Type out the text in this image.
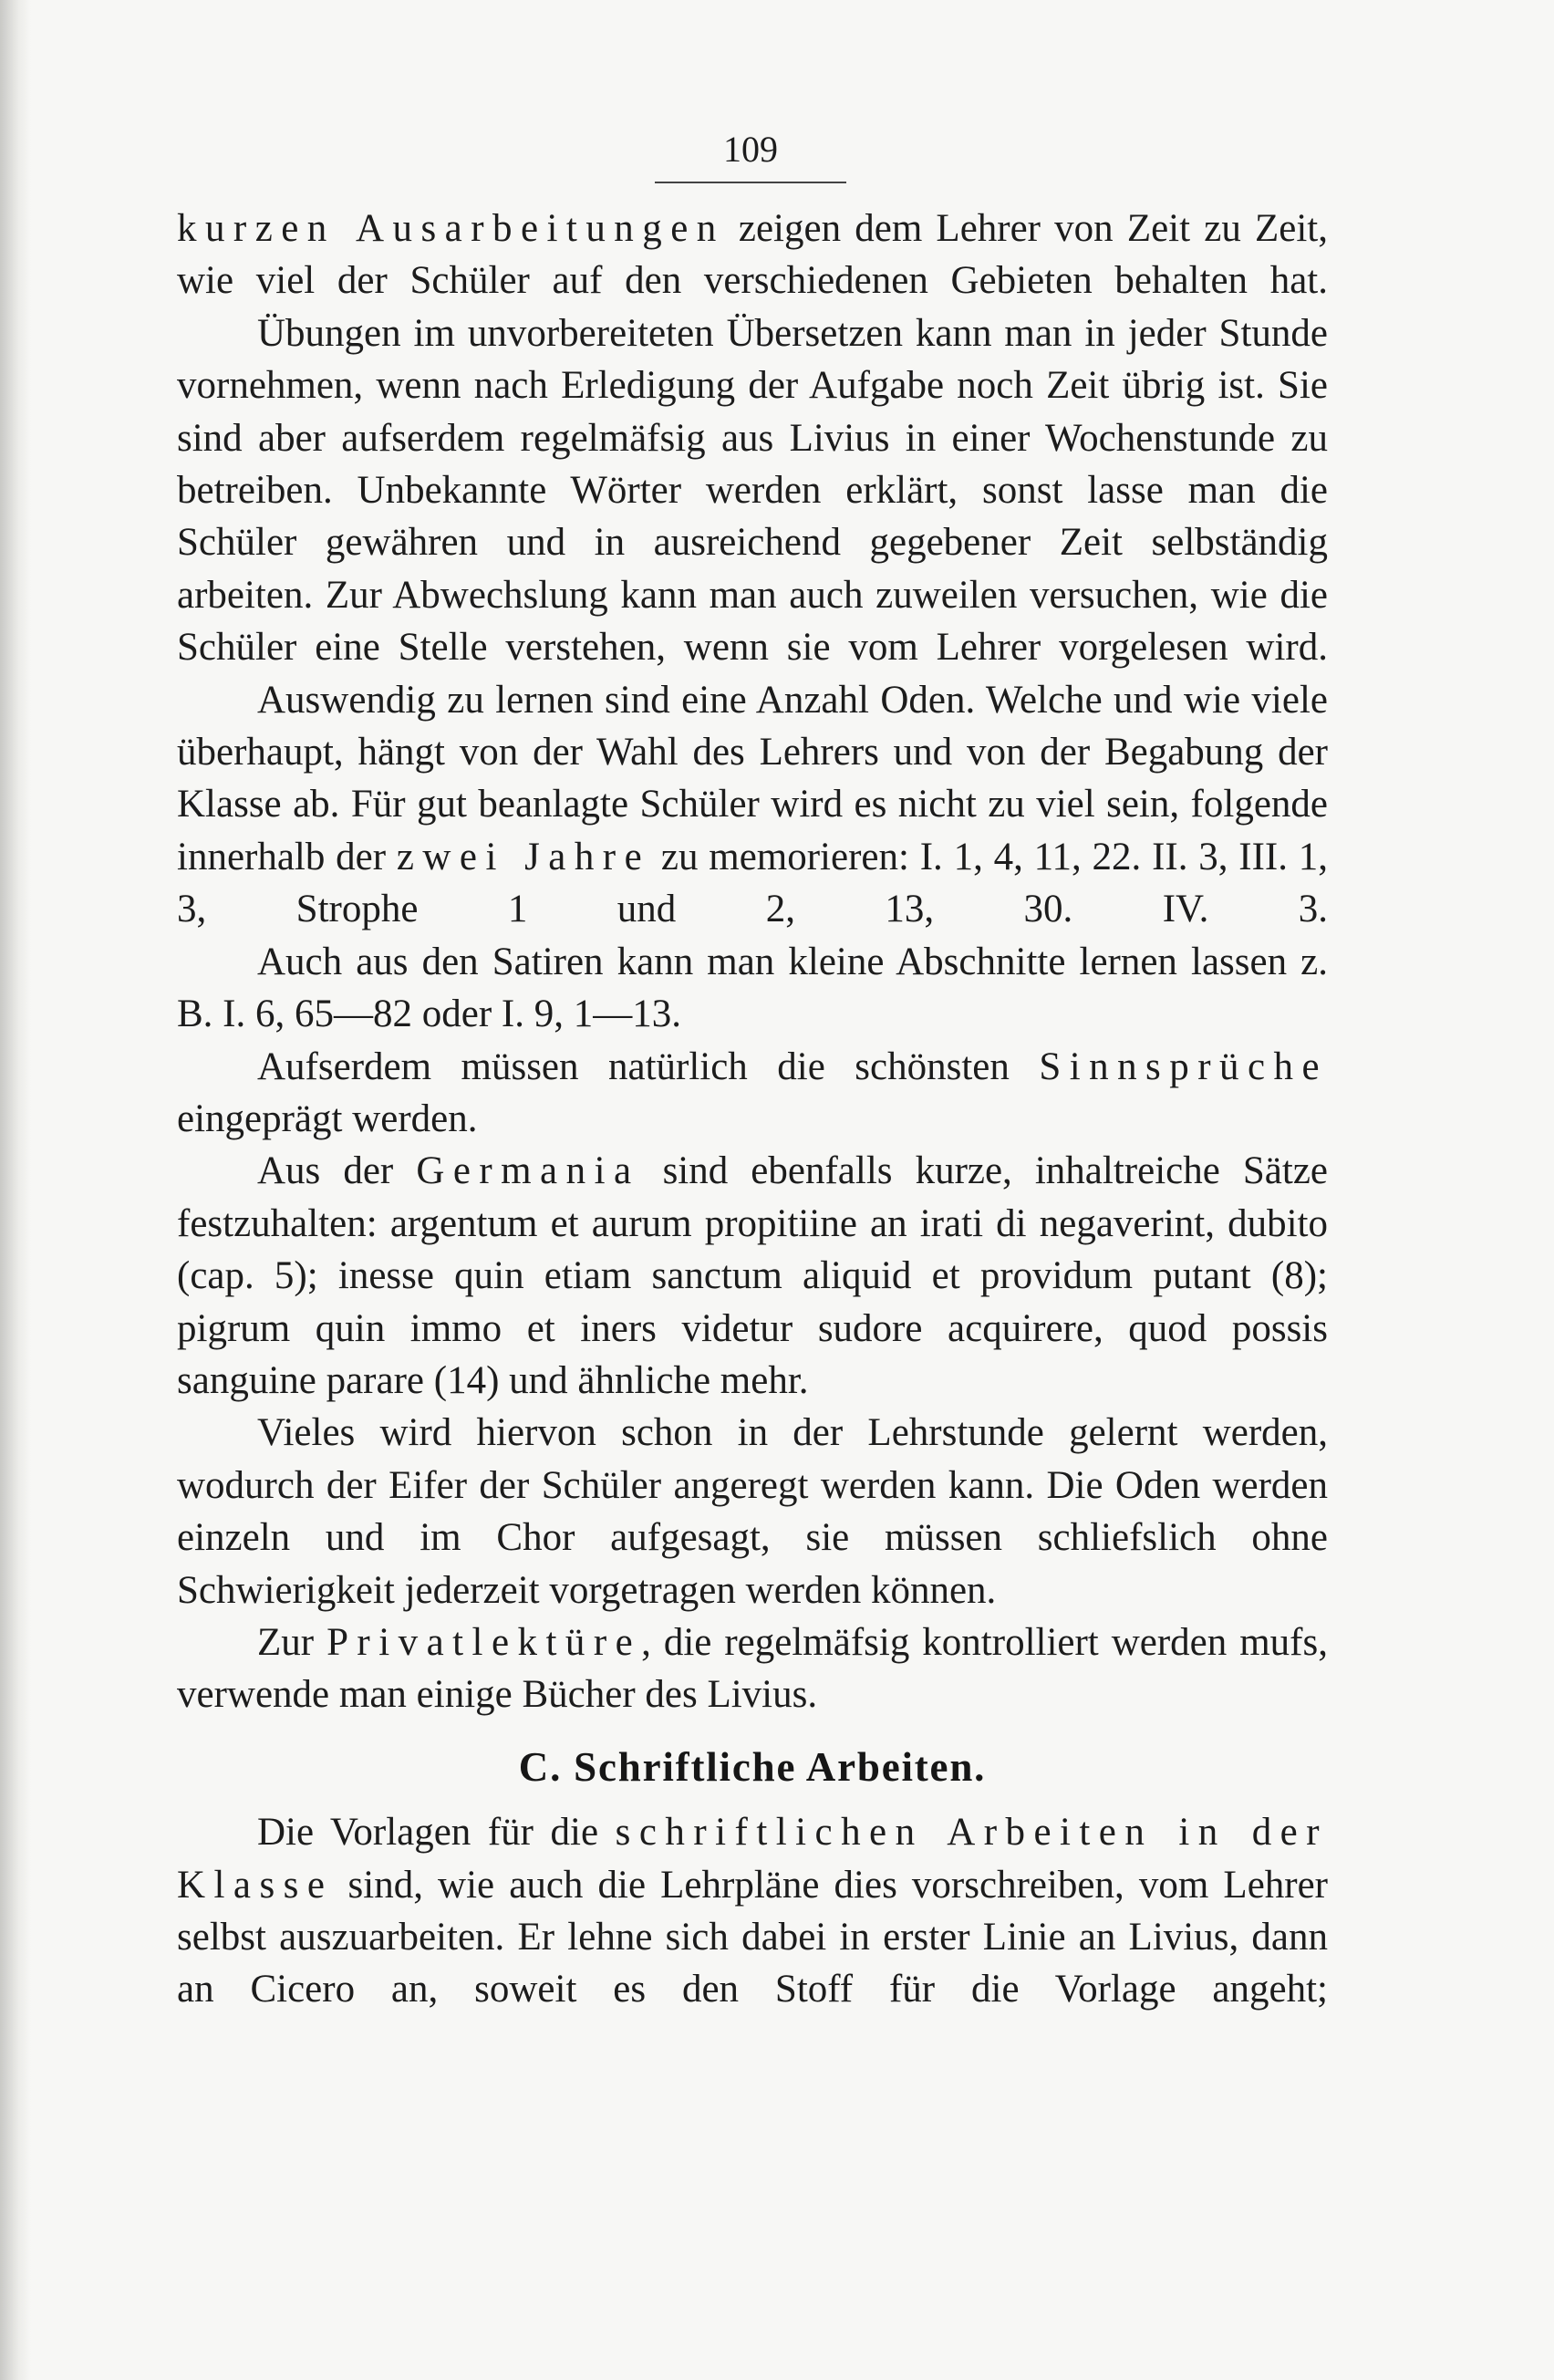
109

kurzen Ausarbeitungen zeigen dem Lehrer von Zeit zu Zeit, wie viel der Schüler auf den verschiedenen Gebieten behalten hat.

Übungen im unvorbereiteten Übersetzen kann man in jeder Stunde vornehmen, wenn nach Erledigung der Aufgabe noch Zeit übrig ist. Sie sind aber aufserdem regelmäfsig aus Livius in einer Wochenstunde zu betreiben. Unbekannte Wörter werden erklärt, sonst lasse man die Schüler gewähren und in ausreichend gegebener Zeit selbständig arbeiten. Zur Abwechslung kann man auch zuweilen versuchen, wie die Schüler eine Stelle verstehen, wenn sie vom Lehrer vorgelesen wird.

Auswendig zu lernen sind eine Anzahl Oden. Welche und wie viele überhaupt, hängt von der Wahl des Lehrers und von der Begabung der Klasse ab. Für gut beanlagte Schüler wird es nicht zu viel sein, folgende innerhalb der zwei Jahre zu memorieren: I. 1, 4, 11, 22. II. 3, III. 1, 3, Strophe 1 und 2, 13, 30. IV. 3.

Auch aus den Satiren kann man kleine Abschnitte lernen lassen z. B. I. 6, 65—82 oder I. 9, 1—13.

Aufserdem müssen natürlich die schönsten Sinnsprüche eingeprägt werden.

Aus der Germania sind ebenfalls kurze, inhaltreiche Sätze festzuhalten: argentum et aurum propitiine an irati di negaverint, dubito (cap. 5); inesse quin etiam sanctum aliquid et providum putant (8); pigrum quin immo et iners videtur sudore acquirere, quod possis sanguine parare (14) und ähnliche mehr.

Vieles wird hiervon schon in der Lehrstunde gelernt werden, wodurch der Eifer der Schüler angeregt werden kann. Die Oden werden einzeln und im Chor aufgesagt, sie müssen schliefslich ohne Schwierigkeit jederzeit vorgetragen werden können.

Zur Privatlektüre, die regelmäfsig kontrolliert werden mufs, verwende man einige Bücher des Livius.

C. Schriftliche Arbeiten.

Die Vorlagen für die schriftlichen Arbeiten in der Klasse sind, wie auch die Lehrpläne dies vorschreiben, vom Lehrer selbst auszuarbeiten. Er lehne sich dabei in erster Linie an Livius, dann an Cicero an, soweit es den Stoff für die Vorlage angeht;
